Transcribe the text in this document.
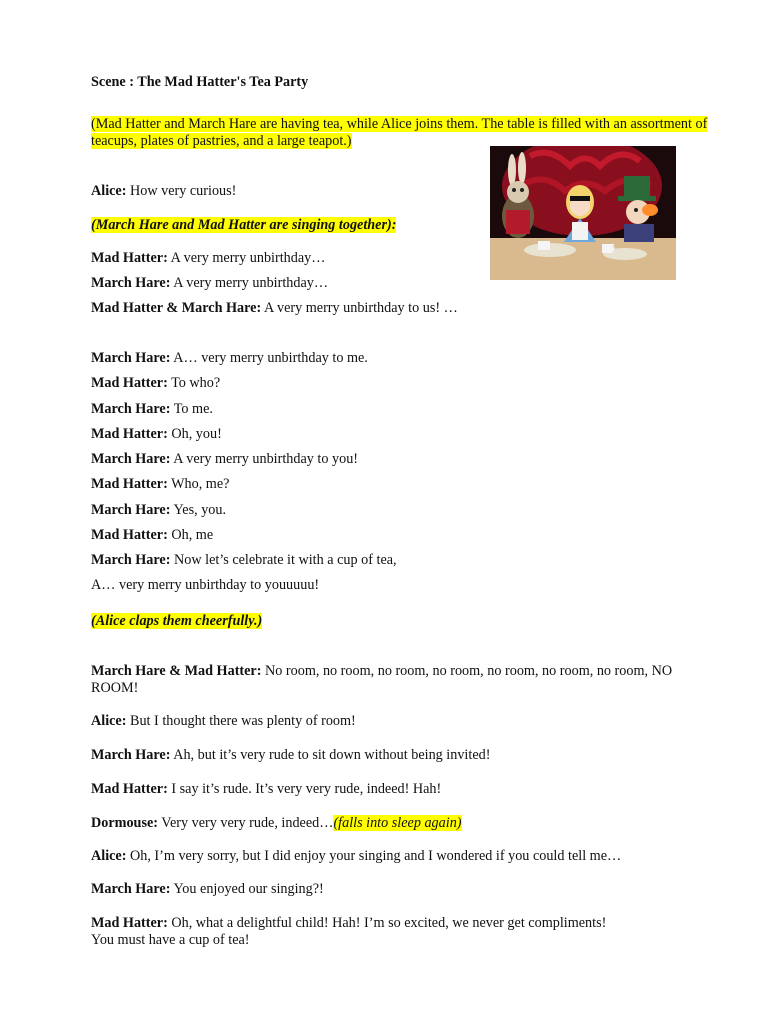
Scene : The Mad Hatter's Tea Party
(Mad Hatter and March Hare are having tea, while Alice joins them. The table is filled with an assortment of teacups, plates of pastries, and a large teapot.)
Alice: How very curious!
(March Hare and Mad Hatter are singing together):
Mad Hatter: A very merry unbirthday…
March Hare: A very merry unbirthday…
Mad Hatter & March Hare: A very merry unbirthday to us! …
March Hare: A… very merry unbirthday to me.
Mad Hatter: To who?
March Hare: To me.
Mad Hatter: Oh, you!
March Hare: A very merry unbirthday to you!
Mad Hatter: Who, me?
March Hare: Yes, you.
Mad Hatter: Oh, me
March Hare: Now let’s celebrate it with a cup of tea,
A… very merry unbirthday to youuuuu!
(Alice claps them cheerfully.)
March Hare & Mad Hatter: No room, no room, no room, no room, no room, no room, no room, NO ROOM!
Alice: But I thought there was plenty of room!
March Hare: Ah, but it’s very rude to sit down without being invited!
Mad Hatter: I say it’s rude. It’s very very rude, indeed! Hah!
Dormouse: Very very very rude, indeed…(falls into sleep again)
Alice: Oh, I’m very sorry, but I did enjoy your singing and I wondered if you could tell me…
March Hare: You enjoyed our singing?!
Mad Hatter: Oh, what a delightful child! Hah! I’m so excited, we never get compliments!
You must have a cup of tea!
